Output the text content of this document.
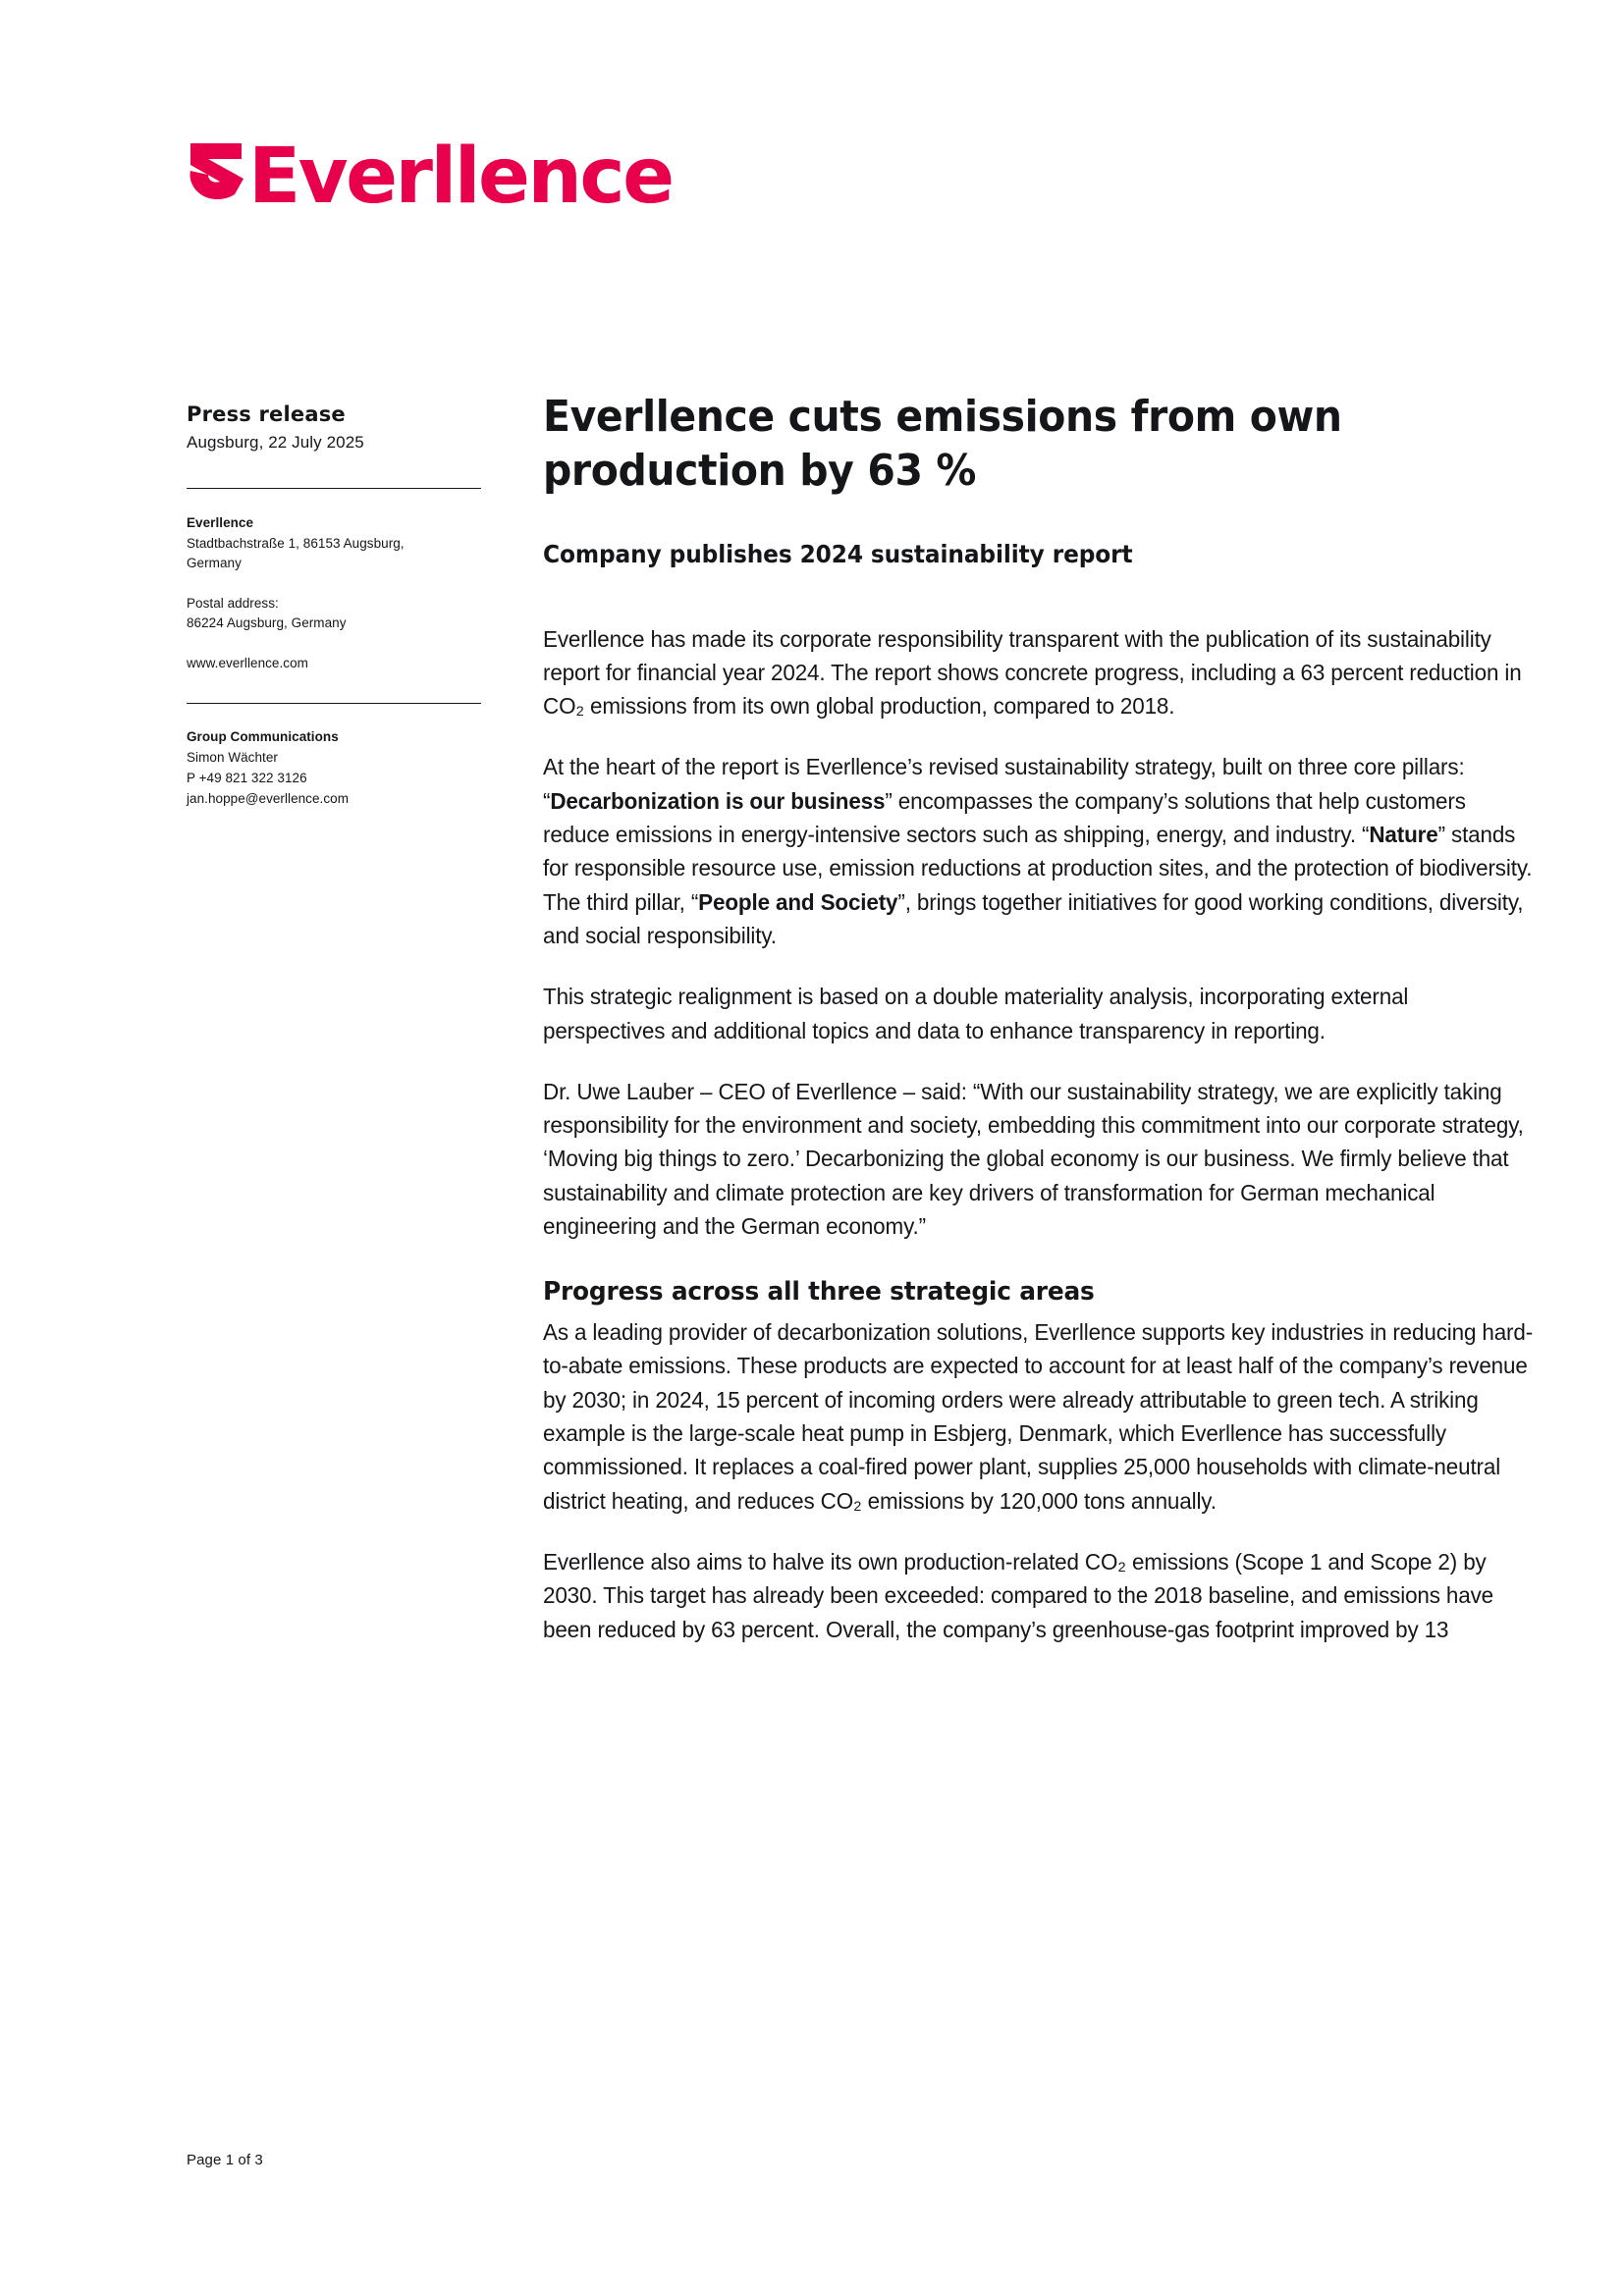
Everllence

Press release

Augsburg, 22 July 2025

Everllence
Stadtbachstraße 1, 86153 Augsburg,
Germany
Postal address:
86224 Augsburg, Germany
www.everllence.com
Group Communications
Simon Wächter
P +49 821 322 3126
jan.hoppe@everllence.com
Everllence cuts emissions from own production by 63 %
Company publishes 2024 sustainability report

Everllence has made its corporate responsibility transparent with the publication of its sustainability report for financial year 2024. The report shows concrete progress, including a 63 percent reduction in CO₂ emissions from its own global production, compared to 2018.

At the heart of the report is Everllence’s revised sustainability strategy, built on three core pillars: “Decarbonization is our business” encompasses the company’s solutions that help customers reduce emissions in energy-intensive sectors such as shipping, energy, and industry. “Nature” stands for responsible resource use, emission reductions at production sites, and the protection of biodiversity. The third pillar, “People and Society”, brings together initiatives for good working conditions, diversity, and social responsibility.

This strategic realignment is based on a double materiality analysis, incorporating external perspectives and additional topics and data to enhance transparency in reporting.

Dr. Uwe Lauber – CEO of Everllence – said: “With our sustainability strategy, we are explicitly taking responsibility for the environment and society, embedding this commitment into our corporate strategy, ‘Moving big things to zero.’ Decarbonizing the global economy is our business. We firmly believe that sustainability and climate protection are key drivers of transformation for German mechanical engineering and the German economy.”

Progress across all three strategic areas

As a leading provider of decarbonization solutions, Everllence supports key industries in reducing hard-to-abate emissions. These products are expected to account for at least half of the company’s revenue by 2030; in 2024, 15 percent of incoming orders were already attributable to green tech. A striking example is the large-scale heat pump in Esbjerg, Denmark, which Everllence has successfully commissioned. It replaces a coal-fired power plant, supplies 25,000 households with climate-neutral district heating, and reduces CO₂ emissions by 120,000 tons annually.

Everllence also aims to halve its own production-related CO₂ emissions (Scope 1 and Scope 2) by 2030. This target has already been exceeded: compared to the 2018 baseline, and emissions have been reduced by 63 percent. Overall, the company’s greenhouse-gas footprint improved by 13

Page 1 of 3
